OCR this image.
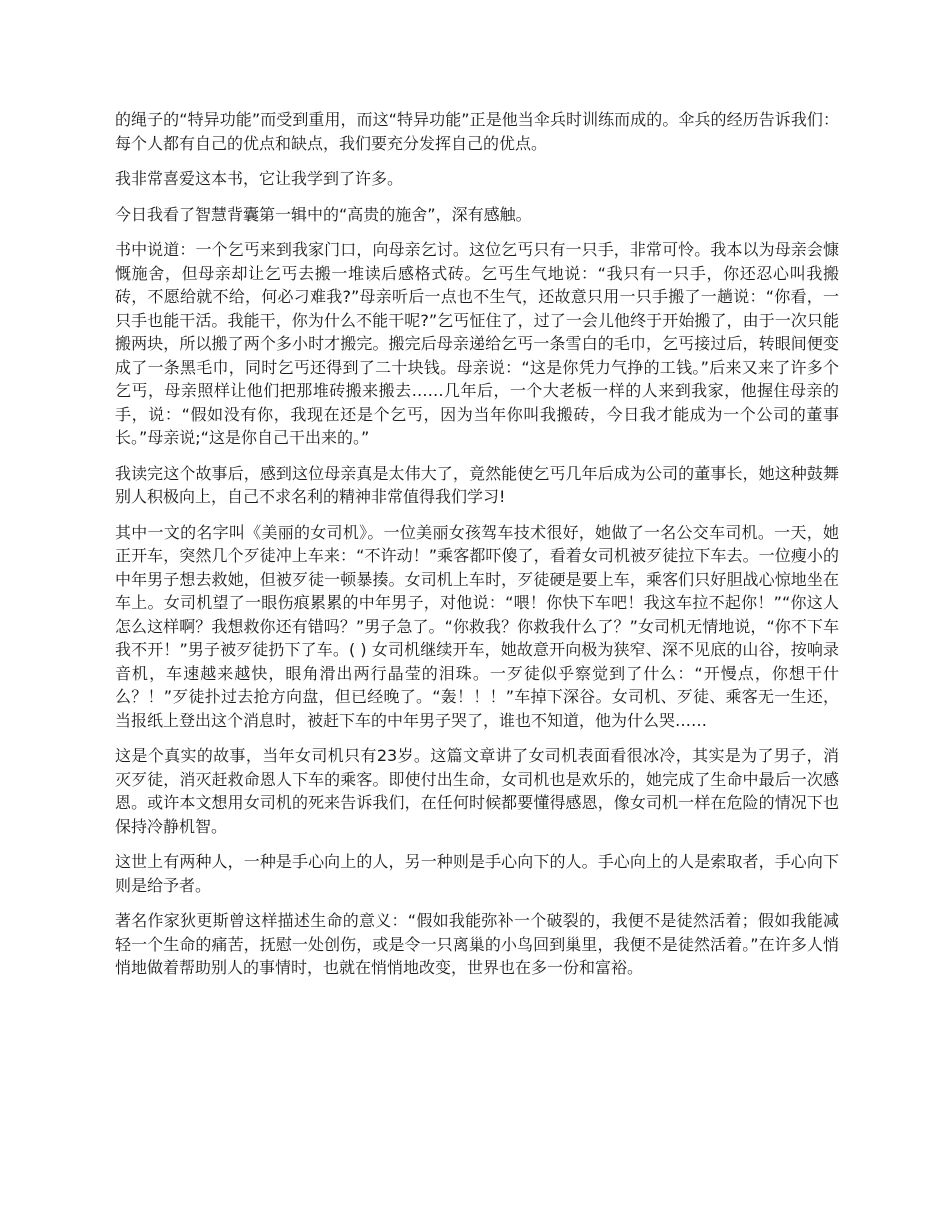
的绳子的“特异功能”而受到重用，而这“特异功能”正是他当伞兵时训练而成的。伞兵的经历告诉我们：每个人都有自己的优点和缺点，我们要充分发挥自己的优点。

我非常喜爱这本书，它让我学到了许多。

今日我看了智慧背囊第一辑中的“高贵的施舍”，深有感触。

书中说道：一个乞丐来到我家门口，向母亲乞讨。这位乞丐只有一只手，非常可怜。我本以为母亲会慷慨施舍，但母亲却让乞丐去搬一堆读后感格式砖。乞丐生气地说：“我只有一只手，你还忍心叫我搬砖，不愿给就不给，何必刁难我?”母亲听后一点也不生气，还故意只用一只手搬了一趟说：“你看，一只手也能干活。我能干，你为什么不能干呢?”乞丐怔住了，过了一会儿他终于开始搬了，由于一次只能搬两块，所以搬了两个多小时才搬完。搬完后母亲递给乞丐一条雪白的毛巾，乞丐接过后，转眼间便变成了一条黑毛巾，同时乞丐还得到了二十块钱。母亲说：“这是你凭力气挣的工钱。”后来又来了许多个乞丐，母亲照样让他们把那堆砖搬来搬去……几年后，一个大老板一样的人来到我家，他握住母亲的手，说：“假如没有你，我现在还是个乞丐，因为当年你叫我搬砖，今日我才能成为一个公司的董事长。”母亲说;“这是你自己干出来的。”

我读完这个故事后，感到这位母亲真是太伟大了，竟然能使乞丐几年后成为公司的董事长，她这种鼓舞别人积极向上，自己不求名利的精神非常值得我们学习!

其中一文的名字叫《美丽的女司机》。一位美丽女孩驾车技术很好，她做了一名公交车司机。一天，她正开车，突然几个歹徒冲上车来：“不许动！”乘客都吓傻了，看着女司机被歹徒拉下车去。一位瘦小的中年男子想去救她，但被歹徒一顿暴揍。女司机上车时，歹徒硬是要上车，乘客们只好胆战心惊地坐在车上。女司机望了一眼伤痕累累的中年男子，对他说：“喂！你快下车吧！我这车拉不起你！”“你这人怎么这样啊？我想救你还有错吗？”男子急了。“你救我？你救我什么了？”女司机无情地说，“你不下车我不开！”男子被歹徒扔下了车。( ) 女司机继续开车，她故意开向极为狭窄、深不见底的山谷，按响录音机，车速越来越快，眼角滑出两行晶莹的泪珠。一歹徒似乎察觉到了什么：“开慢点，你想干什么？！”歹徒扑过去抢方向盘，但已经晚了。“轰！！！”车掉下深谷。女司机、歹徒、乘客无一生还，当报纸上登出这个消息时，被赶下车的中年男子哭了，谁也不知道，他为什么哭……

这是个真实的故事，当年女司机只有23岁。这篇文章讲了女司机表面看很冰冷，其实是为了男子，消灭歹徒，消灭赶救命恩人下车的乘客。即使付出生命，女司机也是欢乐的，她完成了生命中最后一次感恩。或许本文想用女司机的死来告诉我们，在任何时候都要懂得感恩，像女司机一样在危险的情况下也保持冷静机智。

这世上有两种人，一种是手心向上的人，另一种则是手心向下的人。手心向上的人是索取者，手心向下则是给予者。

著名作家狄更斯曾这样描述生命的意义：“假如我能弥补一个破裂的，我便不是徒然活着；假如我能减轻一个生命的痛苦，抚慰一处创伤，或是令一只离巢的小鸟回到巢里，我便不是徒然活着。”在许多人悄悄地做着帮助别人的事情时，也就在悄悄地改变，世界也在多一份和富裕。
